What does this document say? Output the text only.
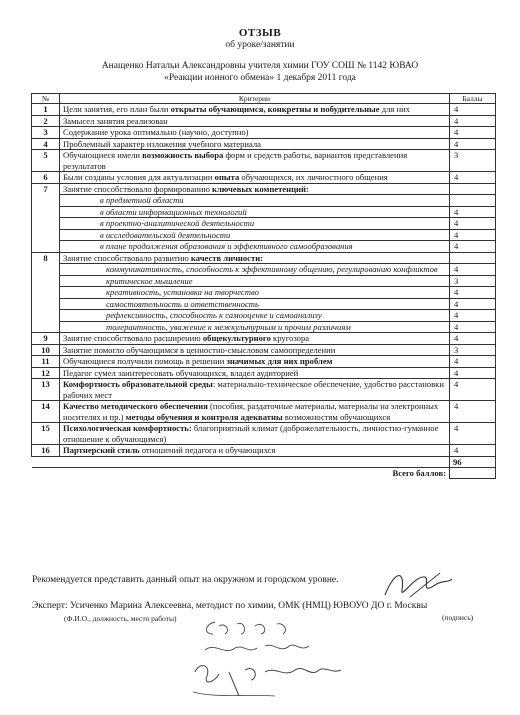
ОТЗЫВ
об уроке/занятии
Анащенко Натальи Александровны учителя химии ГОУ СОШ № 1142 ЮВАО
«Реакции ионного обмена» 1 декабря 2011 года
№	Критерии	Баллы
1	Цели занятия, его план были открыты обучающимся, конкретны и побудительные для них	4
2	Замысел занятия реализован	4
3	Содержание урока оптимально (научно, доступно)	4
4	Проблемный характер изложения учебного материала	4
5	Обучающиеся имели возможность выбора форм и средств работы, вариантов представления результатов	3
6	Были созданы условия для актуализации опыта обучающихся, их личностного общения	4
7	Занятие способствовало формированию ключевых компетенций:	
	в предметной области	
	в области информационных технологий	4
	в проектно-аналитической деятельности	4
	в исследовательской деятельности	4
	в плане продолжения образования и эффективного самообразования	4
8	Занятие способствовало развитию качеств личности:	
	коммуникативность, способность к эффективному общению, регулированию конфликтов	4
	критическое мышление	3
	креативность, установка на творчество	4
	самостоятельность и ответственность	4
	рефлексивность, способность к самооценке и самоанализу	4
	толерантность, уважение к межкультурным и прочим различиям	4
9	Занятие способствовало расширению общекультурного кругозора	4
10	Занятие помогло обучающимся в ценностно-смысловом самоопределении	3
11	Обучающиеся получили помощь в решении значимых для них проблем	4
12	Педагог сумел заинтересовать обучающихся, владел аудиторией	4
13	Комфортность образовательной среды: материально-техническое обеспечение, удобство расстановки рабочих мест	4
14	Качество методического обеспечения (пособия, раздаточные материалы, материалы на электронных носителях и пр.) методы обучения и контроля адекватны возможностям обучающихся	4
15	Психологическая комфортность: благоприятный климат (доброжелательность, личностно-гуманное отношение к обучающимся)	4
16	Партнерский стиль отношений педагога и обучающихся	4
		96
Всего баллов:		
Рекомендуется представить данный опыт на окружном и городском уровне.
Эксперт: Усиченко Марина Алексеевна, методист по химии, ОМК (НМЦ) ЮВОУО ДО г. Москвы
(Ф.И.О., должность, место работы)	(подпись)
